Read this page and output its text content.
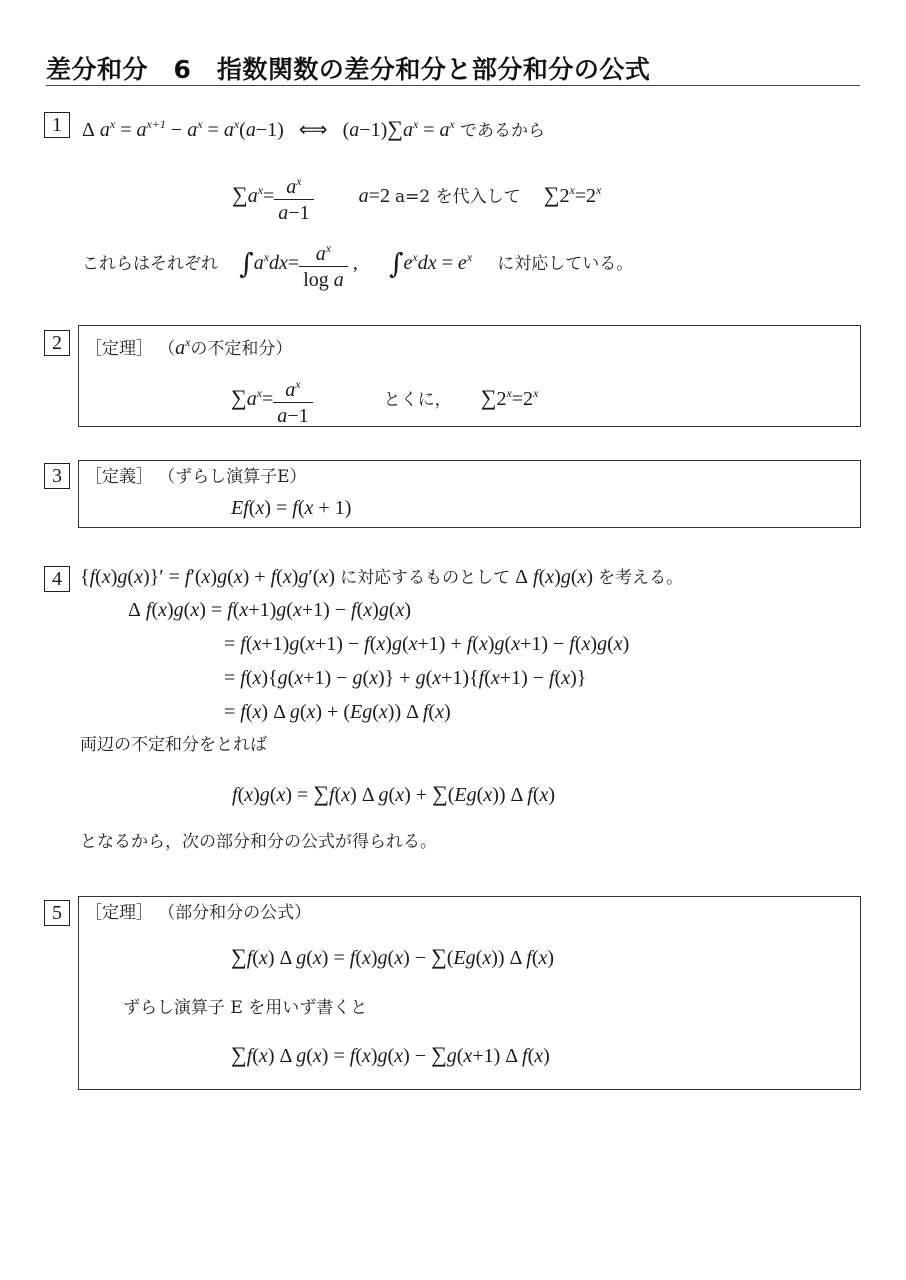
差分和分　6　指数関数の差分和分と部分和分の公式
1	Δ $a^x = a^{x+1} - a^x = a^x(a-1)$ ⟺ $(a-1)\sum a^x = a^x$ であるから
$\sum a^x= \frac{a^x}{a-1} a=2$ a=2 を代入して $\sum 2^x=2^x$
これらはそれぞれ $\int a^xdx= \frac{a^x}{\text{log a}}$ , $\int e^xdx = e^x$ に対応している。
2	［定理］ （$a^x$の不定和分）
$\sum a^x= \frac{a^x}{a-1}$	とくに， $\sum 2^x=2^x$
3	［定義］ （ずらし演算子E）
Ef(x) = f(x + 1)
4 {f(x)g(x)}′ = f′(x)g(x) + f(x)g′(x) に対応するものとして Δ f(x)g(x) を考える。
Δ f(x)g(x) = f(x+1)g(x+1) − f(x)g(x)
= f(x+1)g(x+1) − f(x)g(x+1) + f(x)g(x+1) − f(x)g(x)
= f(x){g(x+1) − g(x)} + g(x+1){f(x+1) − f(x)}
= f(x) Δ g(x) + (Eg(x)) Δ f(x)
両辺の不定和分をとれば
f(x)g(x) = ∑f(x) Δ g(x) + ∑(Eg(x)) Δ f(x)
となるから，次の部分和分の公式が得られる。
5	［定理］ （部分和分の公式）
∑f(x) Δ g(x) = f(x)g(x) − ∑(Eg(x)) Δ f(x)
ずらし演算子 E を用いず書くと
∑f(x) Δ g(x) = f(x)g(x) − ∑g(x+1) Δ f(x)
